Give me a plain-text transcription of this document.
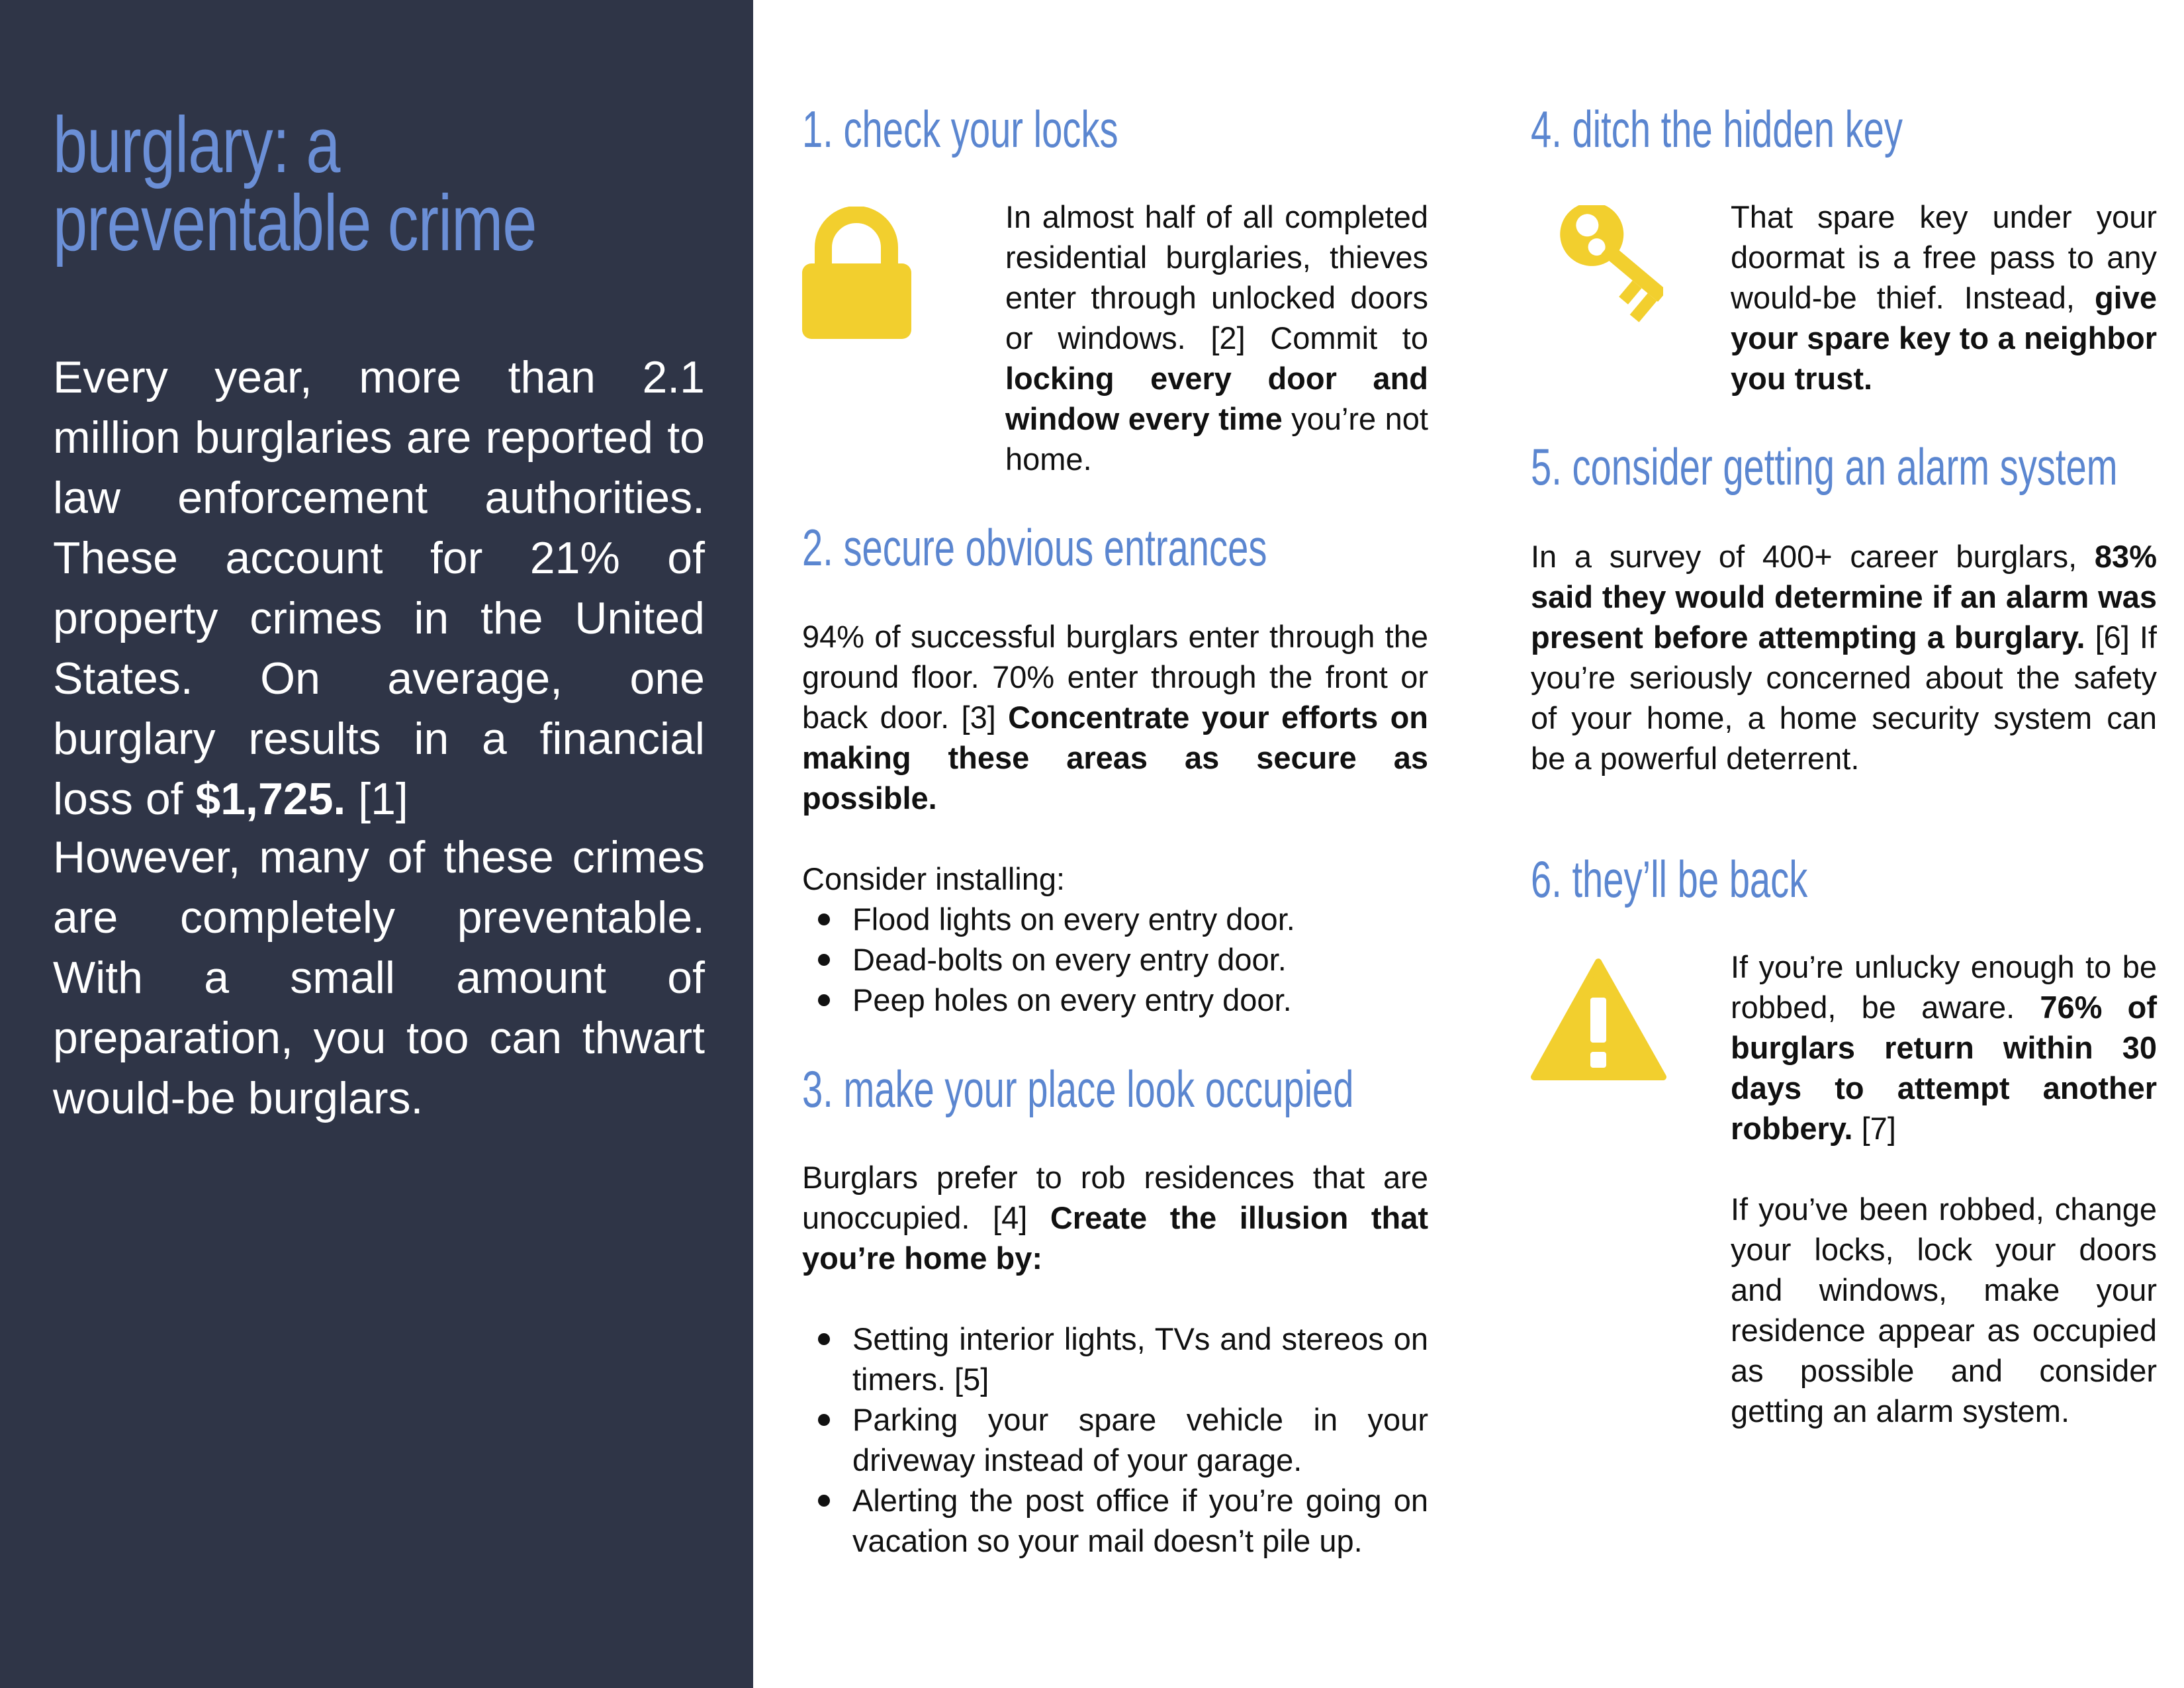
burglary: a preventable crime
Every year, more than 2.1 million burglaries are reported to law enforcement authorities. These account for 21% of property crimes in the United States. On average, one burglary results in a financial loss of $1,725. [1]
However, many of these crimes are completely preventable. With a small amount of preparation, you too can thwart would-be burglars.
1. check your locks
In almost half of all completed residential burglaries, thieves enter through unlocked doors or windows. [2] Commit to locking every door and window every time you’re not home.
2. secure obvious entrances
94% of successful burglars enter through the ground floor. 70% enter through the front or back door. [3] Concentrate your efforts on making these areas as secure as possible.
Consider installing:
Flood lights on every entry door.
Dead-bolts on every entry door.
Peep holes on every entry door.
3. make your place look occupied
Burglars prefer to rob residences that are unoccupied. [4] Create the illusion that you’re home by:
Setting interior lights, TVs and stereos on timers. [5]
Parking your spare vehicle in your driveway instead of your garage.
Alerting the post office if you’re going on vacation so your mail doesn’t pile up.
4. ditch the hidden key
That spare key under your doormat is a free pass to any would-be thief. Instead, give your spare key to a neighbor you trust.
5. consider getting an alarm system
In a survey of 400+ career burglars, 83% said they would determine if an alarm was present before attempting a burglary. [6] If you’re seriously concerned about the safety of your home, a home security system can be a powerful deterrent.
6. they’ll be back
If you’re unlucky enough to be robbed, be aware. 76% of burglars return within 30 days to attempt another robbery. [7]
If you’ve been robbed, change your locks, lock your doors and windows, make your residence appear as occupied as possible and consider getting an alarm system.
